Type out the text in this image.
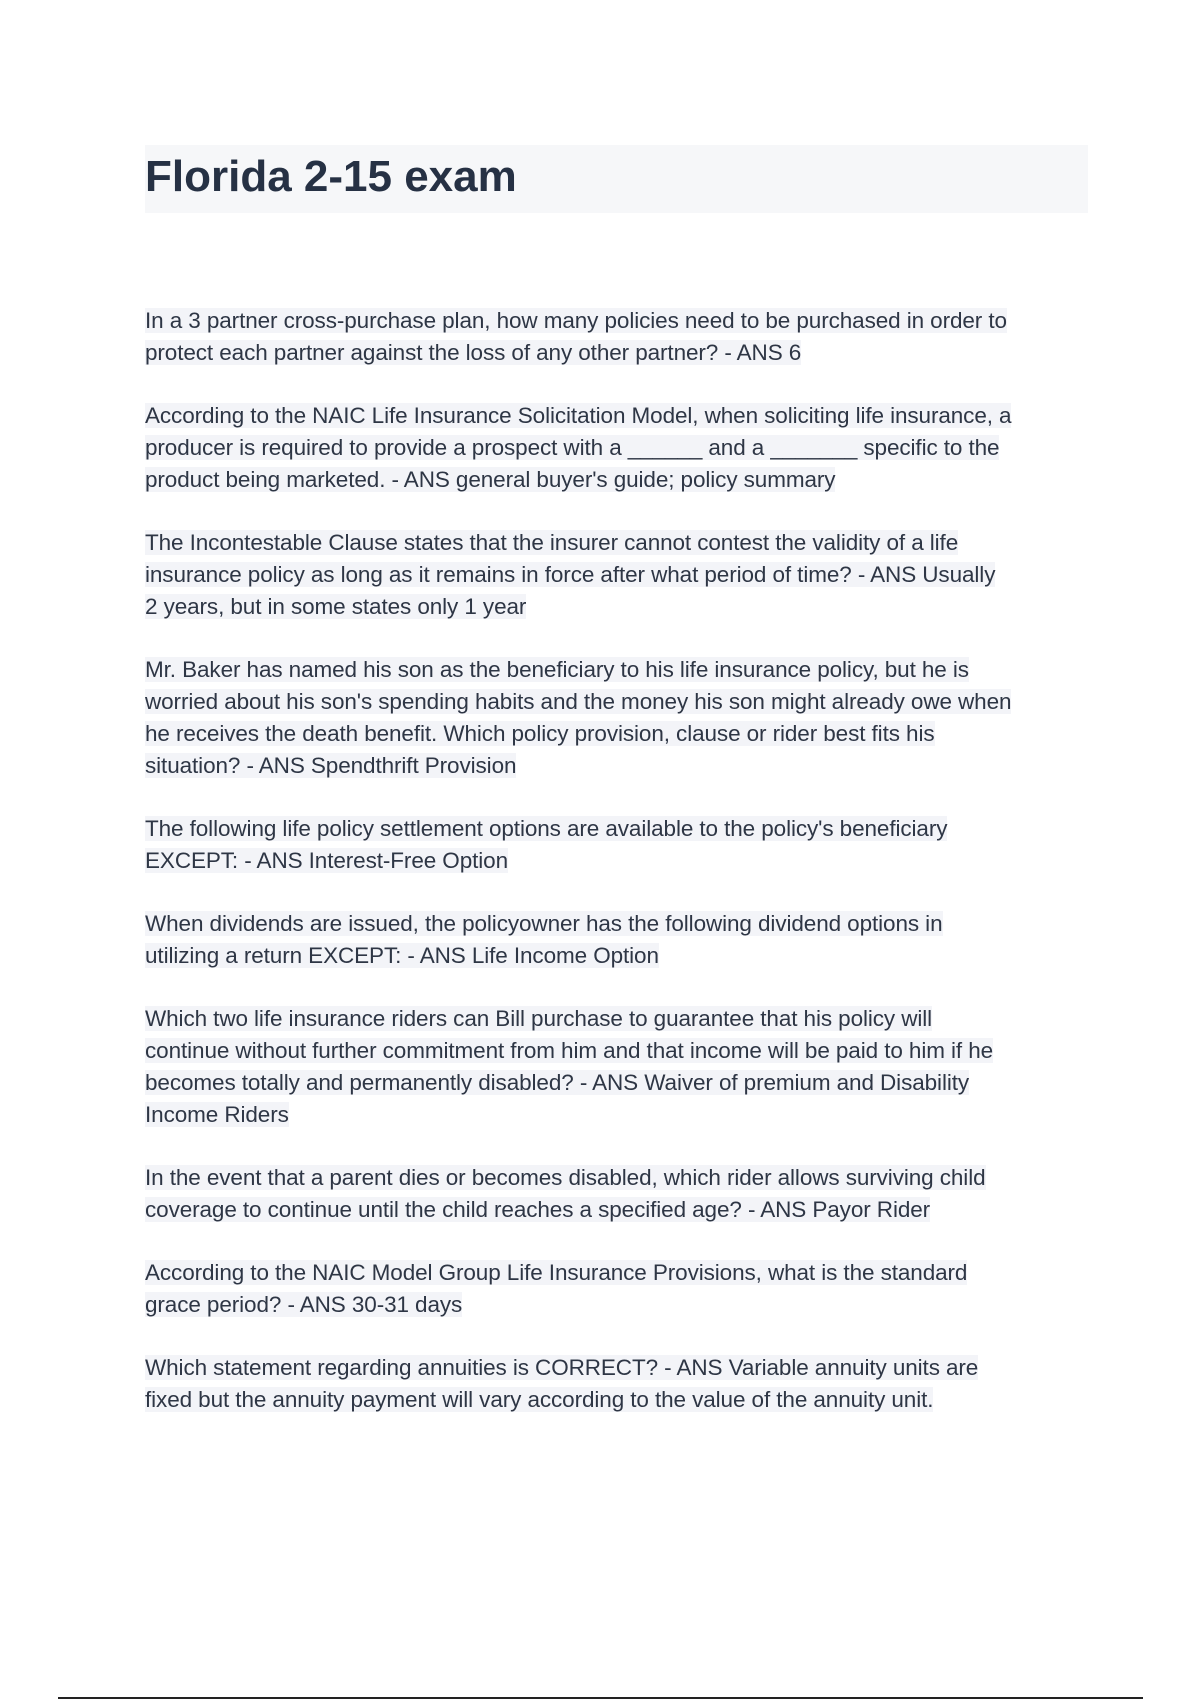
Florida 2-15 exam
In a 3 partner cross-purchase plan, how many policies need to be purchased in order to
protect each partner against the loss of any other partner? - ANS 6
According to the NAIC Life Insurance Solicitation Model, when soliciting life insurance, a
producer is required to provide a prospect with a ______ and a _______ specific to the
product being marketed. - ANS general buyer's guide; policy summary
The Incontestable Clause states that the insurer cannot contest the validity of a life
insurance policy as long as it remains in force after what period of time? - ANS Usually
2 years, but in some states only 1 year
Mr. Baker has named his son as the beneficiary to his life insurance policy, but he is
worried about his son's spending habits and the money his son might already owe when
he receives the death benefit. Which policy provision, clause or rider best fits his
situation? - ANS Spendthrift Provision
The following life policy settlement options are available to the policy's beneficiary
EXCEPT: - ANS Interest-Free Option
When dividends are issued, the policyowner has the following dividend options in
utilizing a return EXCEPT: - ANS Life Income Option
Which two life insurance riders can Bill purchase to guarantee that his policy will
continue without further commitment from him and that income will be paid to him if he
becomes totally and permanently disabled? - ANS Waiver of premium and Disability
Income Riders
In the event that a parent dies or becomes disabled, which rider allows surviving child
coverage to continue until the child reaches a specified age? - ANS Payor Rider
According to the NAIC Model Group Life Insurance Provisions, what is the standard
grace period? - ANS 30-31 days
Which statement regarding annuities is CORRECT? - ANS Variable annuity units are
fixed but the annuity payment will vary according to the value of the annuity unit.
